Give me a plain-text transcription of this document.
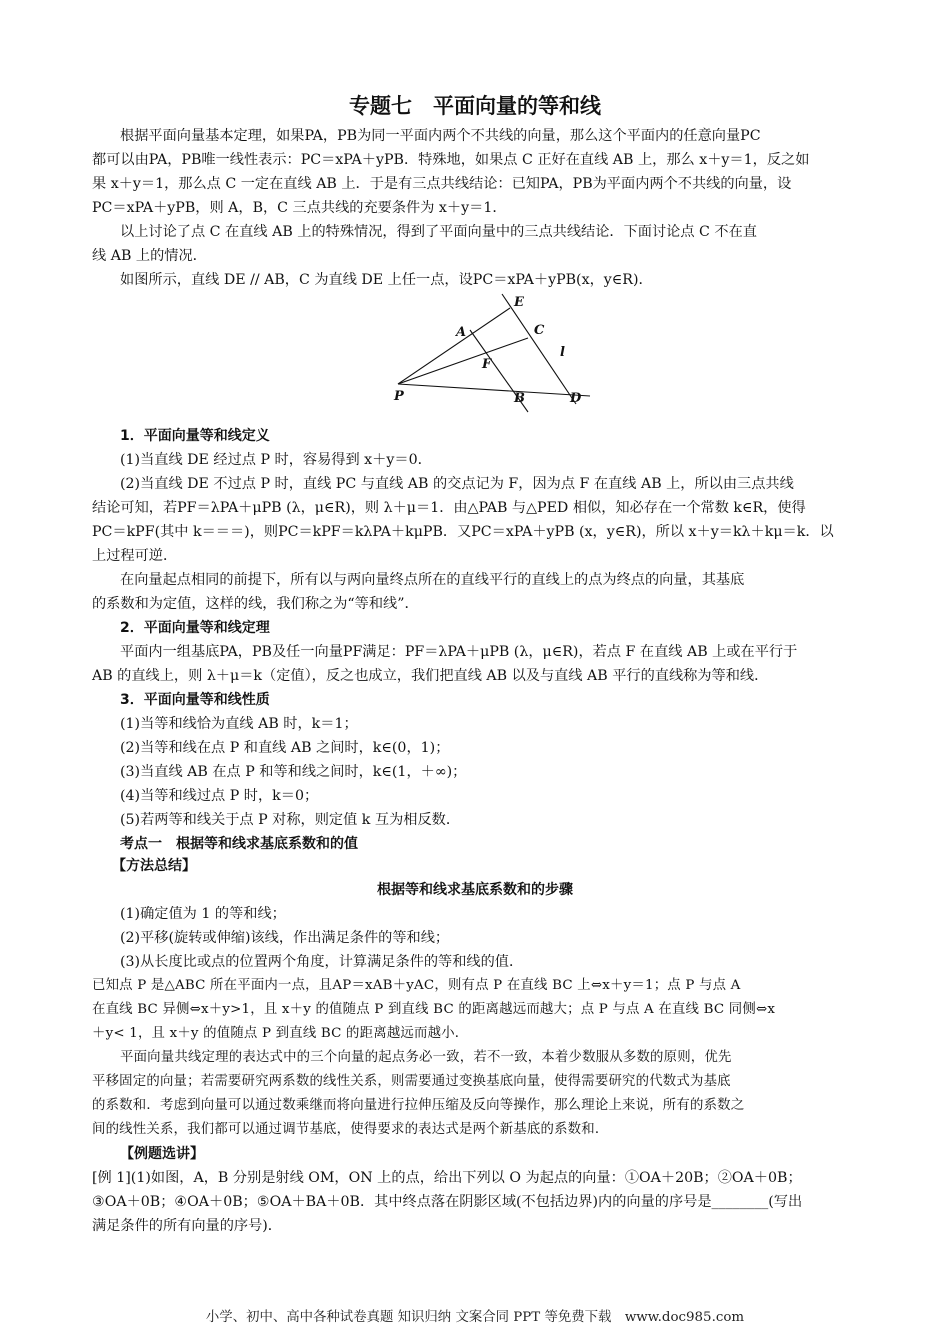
专题七　平面向量的等和线
根据平面向量基本定理，如果PA，PB为同一平面内两个不共线的向量，那么这个平面内的任意向量PC
都可以由PA，PB唯一线性表示：PC＝xPA＋yPB．特殊地，如果点 C 正好在直线 AB 上，那么 x＋y＝1，反之如
果 x＋y＝1，那么点 C 一定在直线 AB 上．于是有三点共线结论：已知PA，PB为平面内两个不共线的向量，设
PC＝xPA＋yPB，则 A，B，C 三点共线的充要条件为 x＋y＝1．
以上讨论了点 C 在直线 AB 上的特殊情况，得到了平面向量中的三点共线结论．下面讨论点 C 不在直
线 AB 上的情况．
如图所示，直线 DE // AB，C 为直线 DE 上任一点，设PC＝xPA＋yPB(x，y∈R)．
E
A	C
F
l
P	B	D
1．平面向量等和线定义
(1)当直线 DE 经过点 P 时，容易得到 x＋y＝0．
(2)当直线 DE 不过点 P 时，直线 PC 与直线 AB 的交点记为 F，因为点 F 在直线 AB 上，所以由三点共线
结论可知，若PF＝λPA＋μPB (λ，μ∈R)，则 λ＋μ＝1．由△PAB 与△PED 相似，知必存在一个常数 k∈R，使得
PC＝kPF(其中 k＝＝＝)，则PC＝kPF＝kλPA＋kμPB．又PC＝xPA＋yPB (x，y∈R)，所以 x＋y＝kλ＋kμ＝k．以
上过程可逆．
在向量起点相同的前提下，所有以与两向量终点所在的直线平行的直线上的点为终点的向量，其基底
的系数和为定值，这样的线，我们称之为“等和线”．
2．平面向量等和线定理
平面内一组基底PA，PB及任一向量PF满足：PF＝λPA＋μPB (λ，μ∈R)，若点 F 在直线 AB 上或在平行于
AB 的直线上，则 λ＋μ＝k（定值），反之也成立，我们把直线 AB 以及与直线 AB 平行的直线称为等和线．
3．平面向量等和线性质
(1)当等和线恰为直线 AB 时，k＝1；
(2)当等和线在点 P 和直线 AB 之间时，k∈(0，1)；
(3)当直线 AB 在点 P 和等和线之间时，k∈(1，＋∞)；
(4)当等和线过点 P 时，k＝0；
(5)若两等和线关于点 P 对称，则定值 k 互为相反数．
考点一　根据等和线求基底系数和的值
【方法总结】
根据等和线求基底系数和的步骤
(1)确定值为 1 的等和线；
(2)平移(旋转或伸缩)该线，作出满足条件的等和线；
(3)从长度比或点的位置两个角度，计算满足条件的等和线的值．
已知点 P 是△ABC 所在平面内一点，且AP＝xAB＋yAC，则有点 P 在直线 BC 上⇔x＋y＝1；点 P 与点 A
在直线 BC 异侧⇔x＋y>1，且 x＋y 的值随点 P 到直线 BC 的距离越远而越大；点 P 与点 A 在直线 BC 同侧⇔x
＋y< 1，且 x＋y 的值随点 P 到直线 BC 的距离越远而越小．
平面向量共线定理的表达式中的三个向量的起点务必一致，若不一致，本着少数服从多数的原则，优先
平移固定的向量；若需要研究两系数的线性关系，则需要通过变换基底向量，使得需要研究的代数式为基底
的系数和．考虑到向量可以通过数乘继而将向量进行拉伸压缩及反向等操作，那么理论上来说，所有的系数之
间的线性关系，我们都可以通过调节基底，使得要求的表达式是两个新基底的系数和．
【例题选讲】
[例 1](1)如图，A，B 分别是射线 OM，ON 上的点，给出下列以 O 为起点的向量：①OA＋20B；②OA＋0B；
③OA＋0B；④OA＋0B；⑤OA＋BA＋0B．其中终点落在阴影区域(不包括边界)内的向量的序号是________(写出
满足条件的所有向量的序号)．
小学、初中、高中各种试卷真题 知识归纳 文案合同 PPT 等免费下载　www.doc985.com
